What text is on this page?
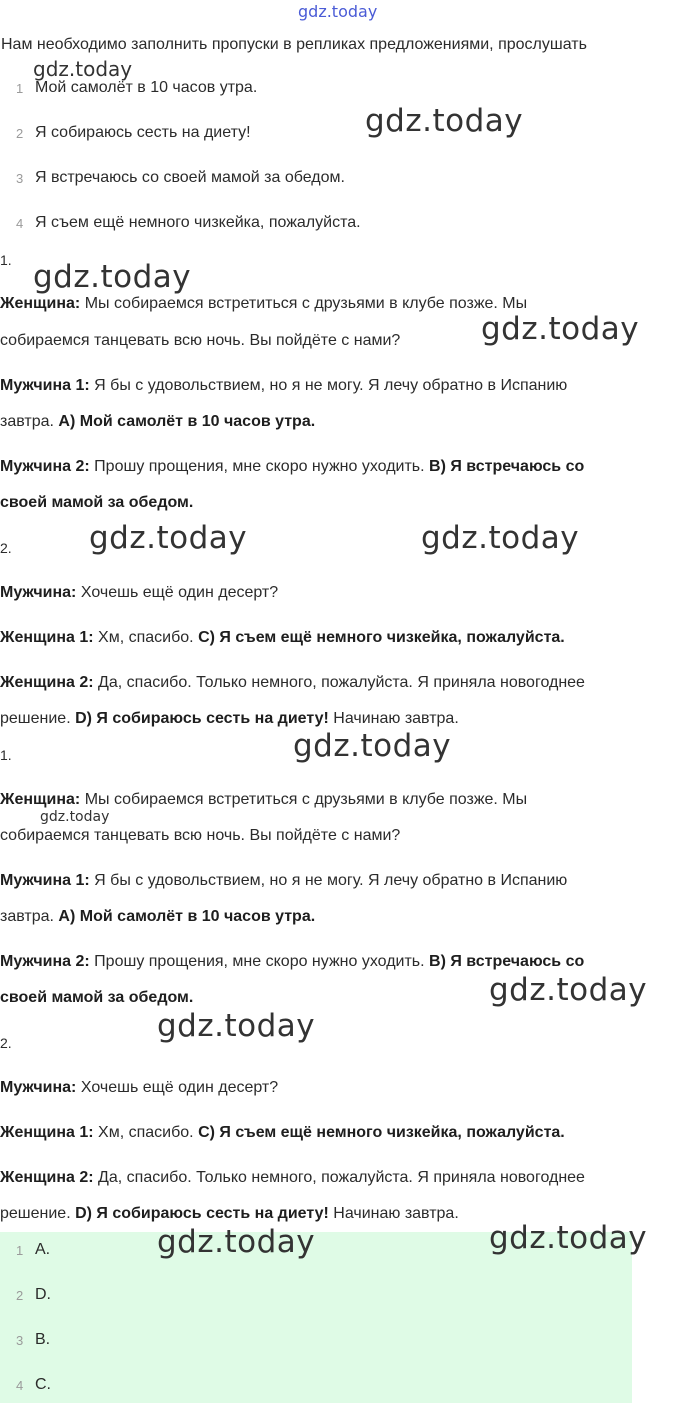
gdz.today
Нам необходимо заполнить пропуски в репликах предложениями, прослушать
1 Мой самолёт в 10 часов утра.
2 Я собираюсь сесть на диету!
3 Я встречаюсь со своей мамой за обедом.
4 Я съем ещё немного чизкейка, пожалуйста.
1.
Женщина: Мы собираемся встретиться с друзьями в клубе позже. Мы
собираемся танцевать всю ночь. Вы пойдёте с нами?
Мужчина 1: Я бы с удовольствием, но я не могу. Я лечу обратно в Испанию
завтра. А) Мой самолёт в 10 часов утра.
Мужчина 2: Прошу прощения, мне скоро нужно уходить. B) Я встречаюсь со
своей мамой за обедом.
2.
Мужчина: Хочешь ещё один десерт?
Женщина 1: Хм, спасибо. С) Я съем ещё немного чизкейка, пожалуйста.
Женщина 2: Да, спасибо. Только немного, пожалуйста. Я приняла новогоднее
решение. D) Я собираюсь сесть на диету! Начинаю завтра.
1.
Женщина: Мы собираемся встретиться с друзьями в клубе позже. Мы
собираемся танцевать всю ночь. Вы пойдёте с нами?
Мужчина 1: Я бы с удовольствием, но я не могу. Я лечу обратно в Испанию
завтра. А) Мой самолёт в 10 часов утра.
Мужчина 2: Прошу прощения, мне скоро нужно уходить. B) Я встречаюсь со
своей мамой за обедом.
2.
Мужчина: Хочешь ещё один десерт?
Женщина 1: Хм, спасибо. С) Я съем ещё немного чизкейка, пожалуйста.
Женщина 2: Да, спасибо. Только немного, пожалуйста. Я приняла новогоднее
решение. D) Я собираюсь сесть на диету! Начинаю завтра.
1 A.
2 D.
3 B.
4 C.
gdz.today
gdz.today
gdz.today
gdz.today
gdz.today	gdz.today
gdz.today
gdz.today
gdz.today
gdz.today
gdz.today	gdz.today
